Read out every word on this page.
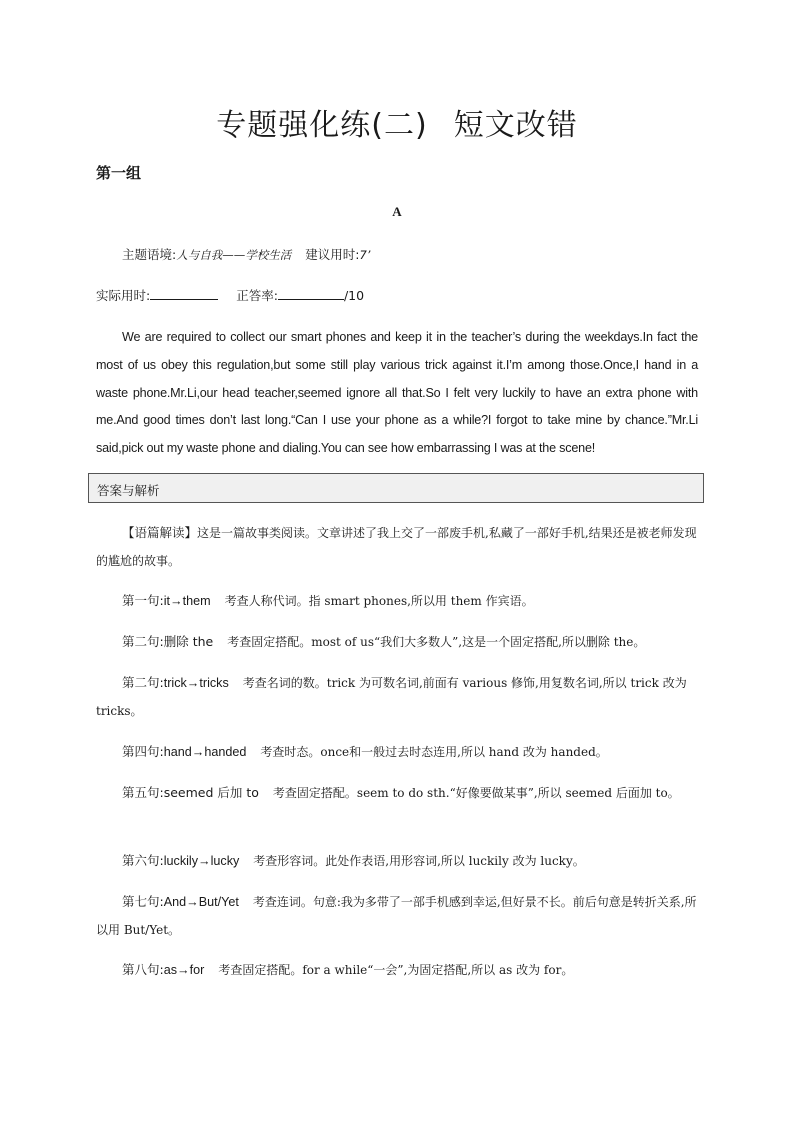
专题强化练(二) 短文改错
第一组
A
主题语境:人与自我——学校生活 建议用时:7’
实际用时:	正答率:	/10
We are required to collect our smart phones and keep it in the teacher’s during the weekdays.In fact the most of us obey this regulation,but some still play various trick against it.I’m among those.Once,I hand in a waste phone.Mr.Li,our head teacher,seemed ignore all that.So I felt very luckily to have an extra phone with me.And good times don’t last long.“Can I use your phone as a while?I forgot to take mine by chance.”Mr.Li said,pick out my waste phone and dialing.You can see how embarrassing I was at the scene!
答案与解析
【语篇解读】这是一篇故事类阅读。文章讲述了我上交了一部废手机,私藏了一部好手机,结果还是被老师发现的尴尬的故事。
第一句:it→them 考查人称代词。指 smart phones,所以用 them 作宾语。
第二句:删除 the 考查固定搭配。most of us“我们大多数人”,这是一个固定搭配,所以删除 the。
第二句:trick→tricks 考查名词的数。trick 为可数名词,前面有 various 修饰,用复数名词,所以 trick 改为 tricks。
第四句:hand→handed 考查时态。once和一般过去时态连用,所以 hand 改为 handed。
第五句:seemed 后加 to 考查固定搭配。seem to do sth.“好像要做某事”,所以 seemed 后面加 to。
第六句:luckily→lucky 考查形容词。此处作表语,用形容词,所以 luckily 改为 lucky。
第七句:And→But/Yet 考查连词。句意:我为多带了一部手机感到幸运,但好景不长。前后句意是转折关系,所以用 But/Yet。
第八句:as→for 考查固定搭配。for a while“一会”,为固定搭配,所以 as 改为 for。
